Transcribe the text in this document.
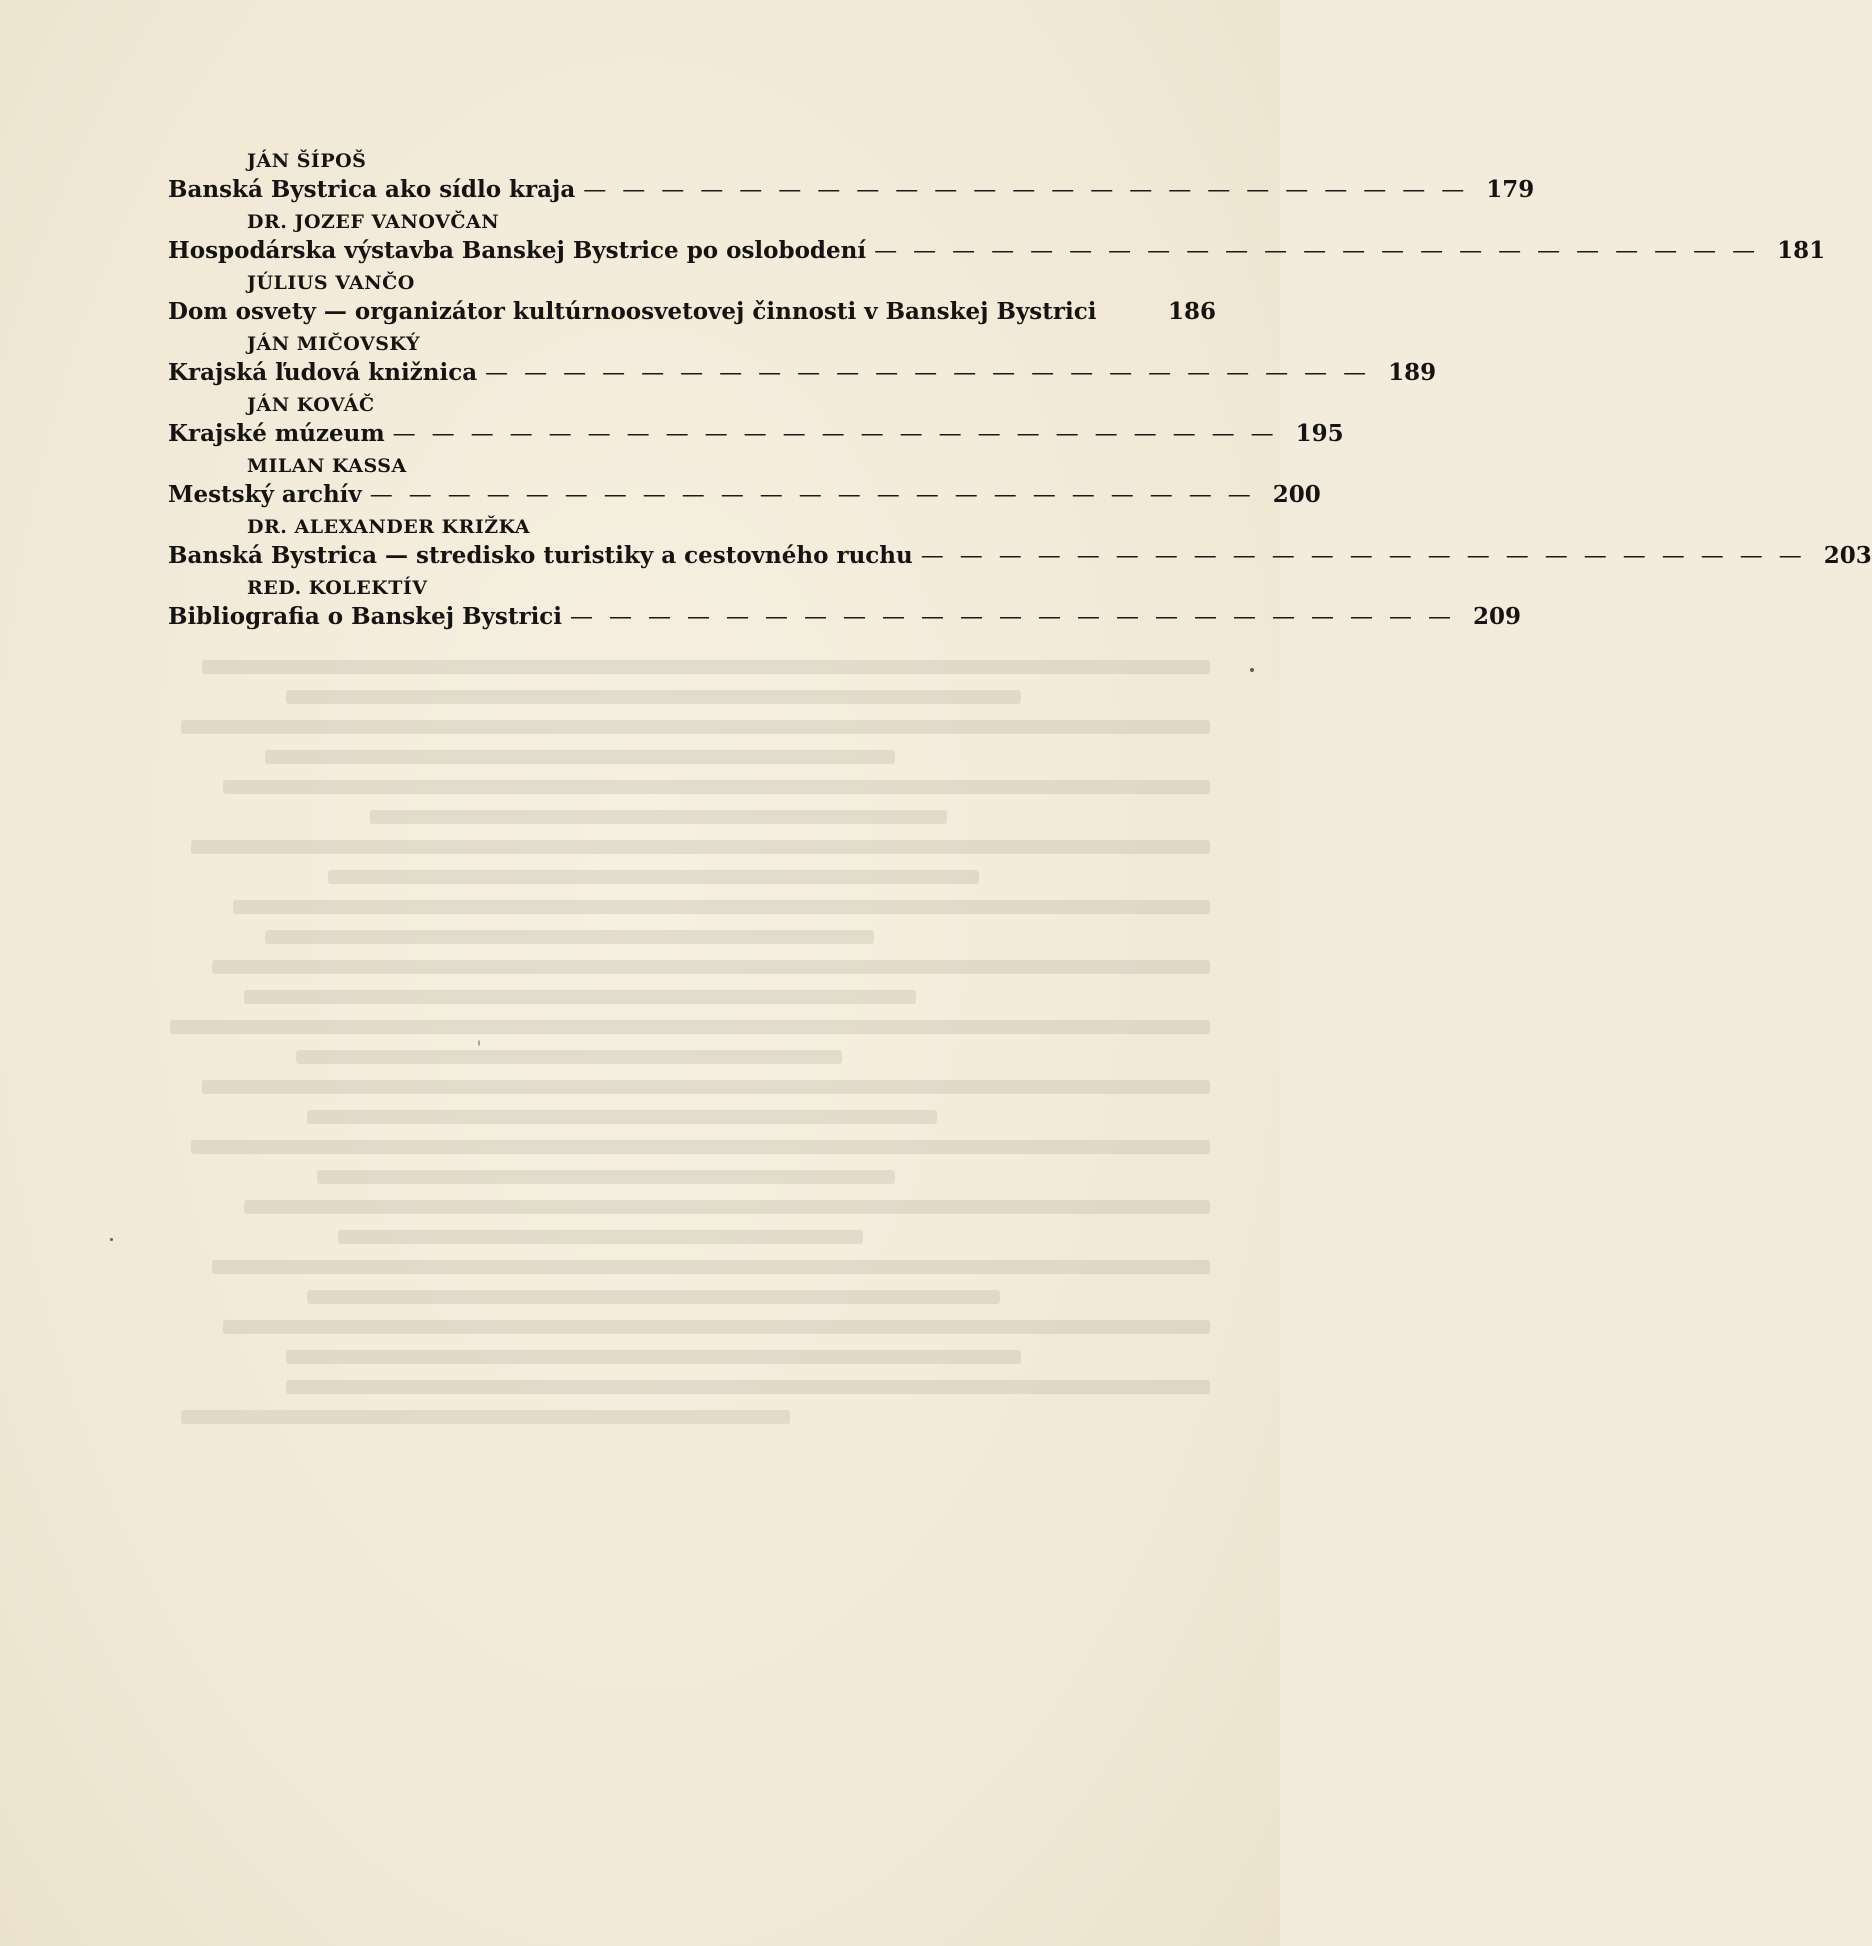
JÁN ŠÍPOŠ
Banská Bystrica ako sídlo kraja ——————————————————————— 179
DR. JOZEF VANOVČAN
Hospodárska výstavba Banskej Bystrice po oslobodení ——————————————————————— 181
JÚLIUS VANČO
Dom osvety — organizátor kultúrnoosvetovej činnosti v Banskej Bystrici	186
JÁN MIČOVSKÝ
Krajská ľudová knižnica ——————————————————————— 189
JÁN KOVÁČ
Krajské múzeum ——————————————————————— 195
MILAN KASSA
Mestský archív ——————————————————————— 200
DR. ALEXANDER KRIŽKA
Banská Bystrica — stredisko turistiky a cestovného ruchu ——————————————————————— 203
RED. KOLEKTÍV
Bibliografia o Banskej Bystrici ——————————————————————— 209
